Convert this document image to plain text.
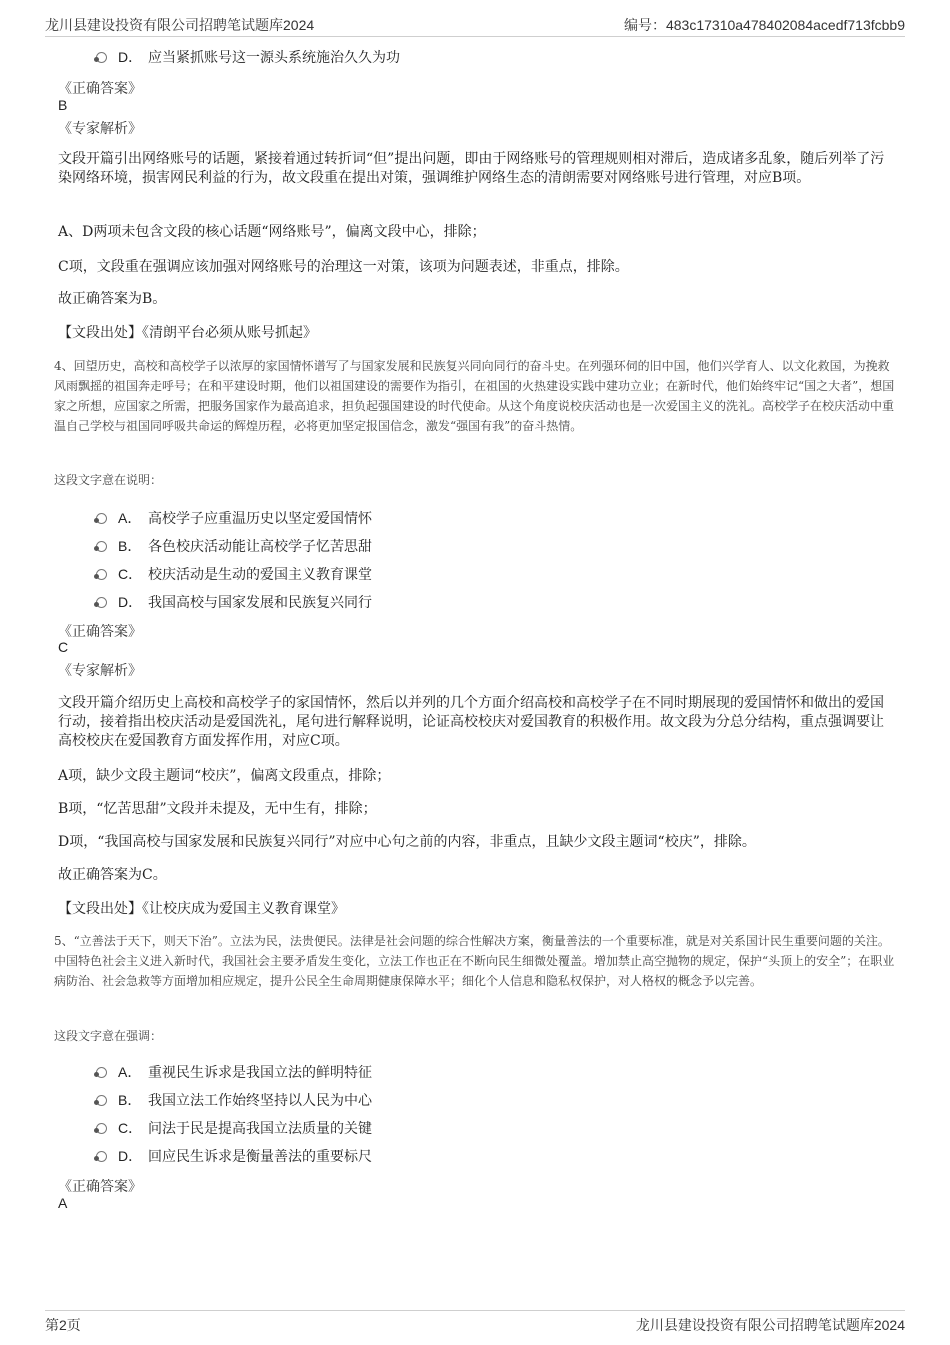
龙川县建设投资有限公司招聘笔试题库2024	编号：483c17310a478402084acedf713fcbb9
D． 应当紧抓账号这一源头系统施治久久为功
《正确答案》
B
《专家解析》
文段开篇引出网络账号的话题，紧接着通过转折词“但”提出问题，即由于网络账号的管理规则相对滞后，造成诸多乱象，随后列举了污染网络环境，损害网民利益的行为，故文段重在提出对策，强调维护网络生态的清朗需要对网络账号进行管理，对应B项。
A、D两项未包含文段的核心话题“网络账号”，偏离文段中心，排除；
C项，文段重在强调应该加强对网络账号的治理这一对策，该项为问题表述，非重点，排除。
故正确答案为B。
【文段出处】《清朗平台必须从账号抓起》
4、回望历史，高校和高校学子以浓厚的家国情怀谱写了与国家发展和民族复兴同向同行的奋斗史。在列强环伺的旧中国，他们兴学育人、以文化救国，为挽救风雨飘摇的祖国奔走呼号；在和平建设时期，他们以祖国建设的需要作为指引，在祖国的火热建设实践中建功立业；在新时代，他们始终牢记“国之大者”，想国家之所想，应国家之所需，把服务国家作为最高追求，担负起强国建设的时代使命。从这个角度说校庆活动也是一次爱国主义的洗礼。高校学子在校庆活动中重温自己学校与祖国同呼吸共命运的辉煌历程，必将更加坚定报国信念，激发“强国有我”的奋斗热情。
这段文字意在说明：
A． 高校学子应重温历史以坚定爱国情怀
B． 各色校庆活动能让高校学子忆苦思甜
C． 校庆活动是生动的爱国主义教育课堂
D． 我国高校与国家发展和民族复兴同行
《正确答案》
C
《专家解析》
文段开篇介绍历史上高校和高校学子的家国情怀，然后以并列的几个方面介绍高校和高校学子在不同时期展现的爱国情怀和做出的爱国行动，接着指出校庆活动是爱国洗礼，尾句进行解释说明，论证高校校庆对爱国教育的积极作用。故文段为分总分结构，重点强调要让高校校庆在爱国教育方面发挥作用，对应C项。
A项，缺少文段主题词“校庆”，偏离文段重点，排除；
B项，“忆苦思甜”文段并未提及，无中生有，排除；
D项，“我国高校与国家发展和民族复兴同行”对应中心句之前的内容，非重点，且缺少文段主题词“校庆”，排除。
故正确答案为C。
【文段出处】《让校庆成为爱国主义教育课堂》
5、“立善法于天下，则天下治”。立法为民，法贵便民。法律是社会问题的综合性解决方案，衡量善法的一个重要标准，就是对关系国计民生重要问题的关注。中国特色社会主义进入新时代，我国社会主要矛盾发生变化，立法工作也正在不断向民生细微处覆盖。增加禁止高空抛物的规定，保护“头顶上的安全”；在职业病防治、社会急救等方面增加相应规定，提升公民全生命周期健康保障水平；细化个人信息和隐私权保护，对人格权的概念予以完善。
这段文字意在强调：
A． 重视民生诉求是我国立法的鲜明特征
B． 我国立法工作始终坚持以人民为中心
C． 问法于民是提高我国立法质量的关键
D． 回应民生诉求是衡量善法的重要标尺
《正确答案》
A
第2页	龙川县建设投资有限公司招聘笔试题库2024
